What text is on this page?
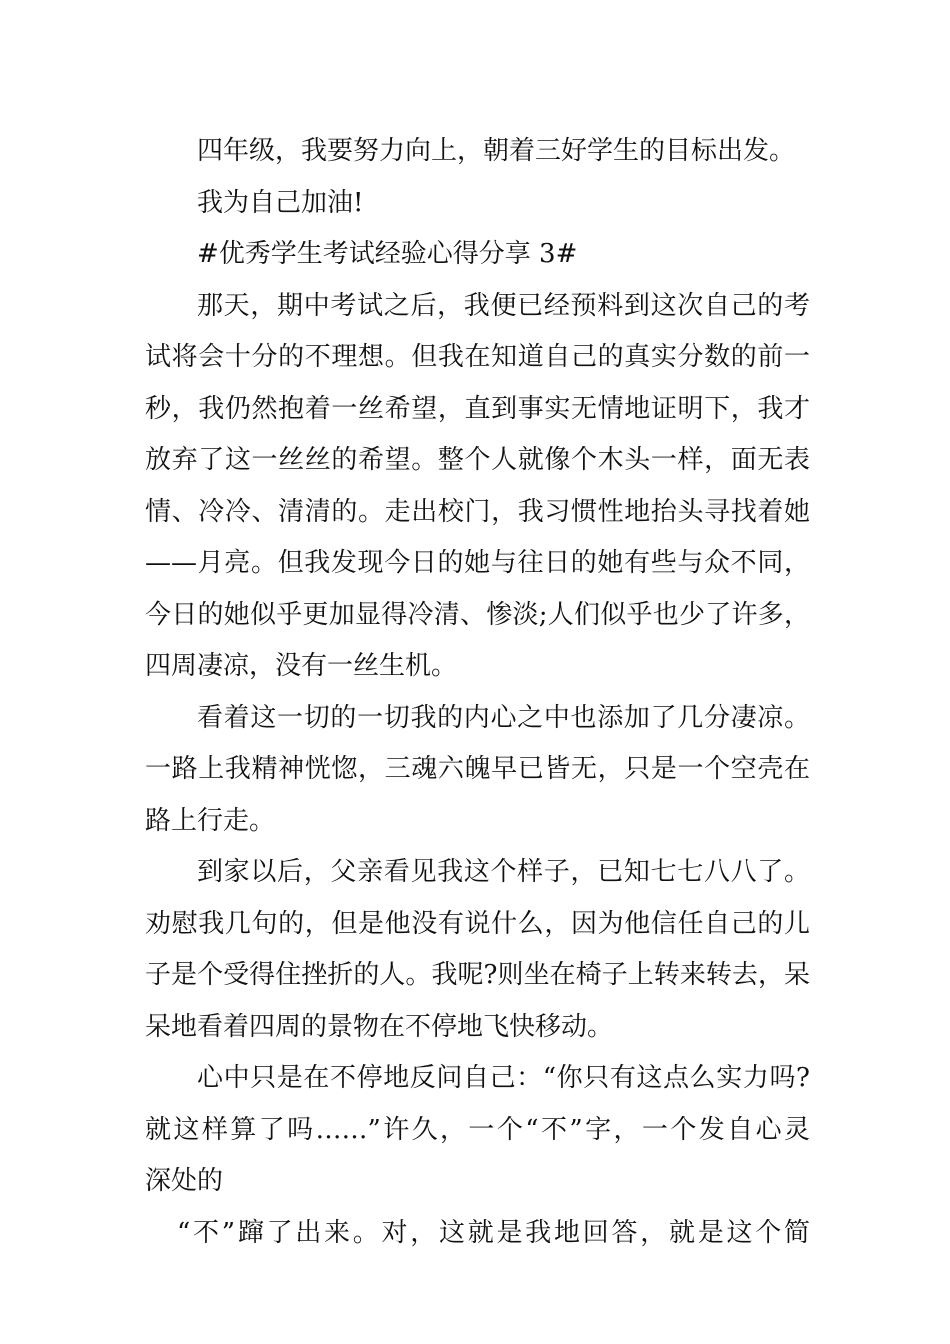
四年级，我要努力向上，朝着三好学生的目标出发。
我为自己加油!
#优秀学生考试经验心得分享 3#
那天，期中考试之后，我便已经预料到这次自己的考
试将会十分的不理想。但我在知道自己的真实分数的前一
秒，我仍然抱着一丝希望，直到事实无情地证明下，我才
放弃了这一丝丝的希望。整个人就像个木头一样，面无表
情、冷冷、清清的。走出校门，我习惯性地抬头寻找着她
——月亮。但我发现今日的她与往日的她有些与众不同，
今日的她似乎更加显得冷清、惨淡;人们似乎也少了许多，
四周凄凉，没有一丝生机。
看着这一切的一切我的内心之中也添加了几分凄凉。
一路上我精神恍惚，三魂六魄早已皆无，只是一个空壳在
路上行走。
到家以后，父亲看见我这个样子，已知七七八八了。
劝慰我几句的，但是他没有说什么，因为他信任自己的儿
子是个受得住挫折的人。我呢?则坐在椅子上转来转去，呆
呆地看着四周的景物在不停地飞快移动。
心中只是在不停地反问自己：“你只有这点么实力吗?
就这样算了吗……”许久，一个“不”字，一个发自心灵
深处的
“不”蹿了出来。对，这就是我地回答，就是这个简
